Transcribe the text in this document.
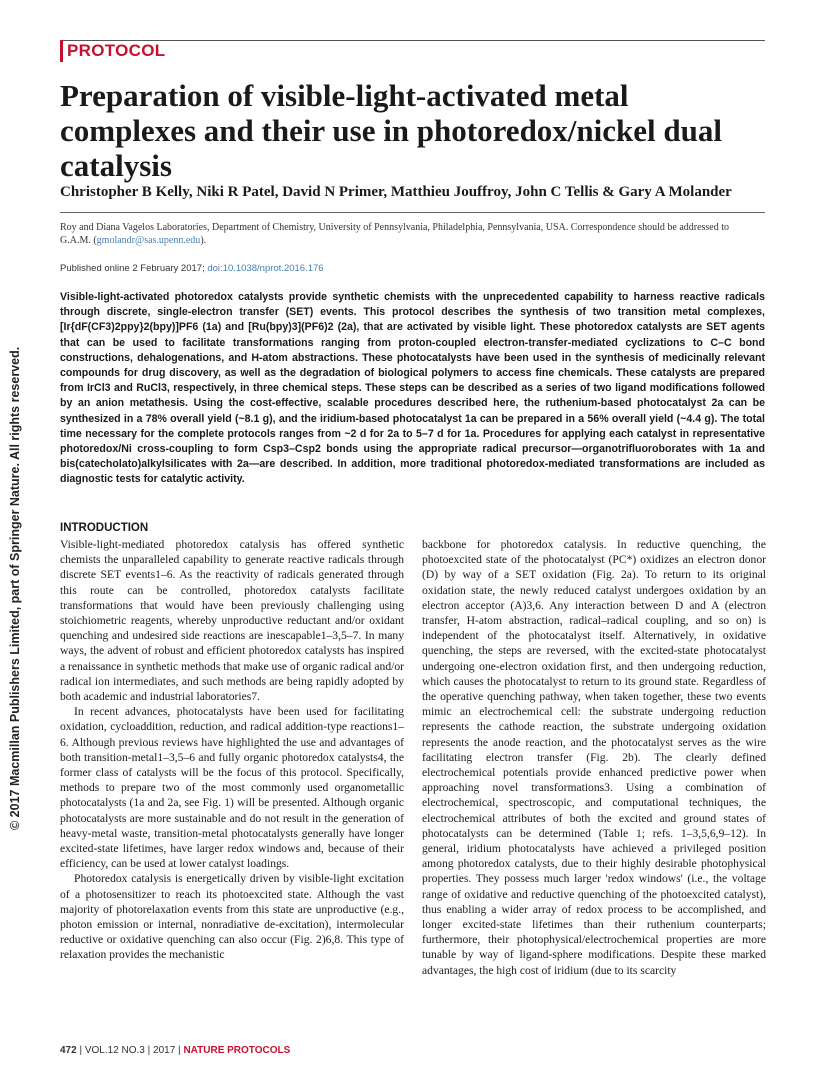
© 2017 Macmillan Publishers Limited, part of Springer Nature. All rights reserved.
PROTOCOL
Preparation of visible-light-activated metal complexes and their use in photoredox/nickel dual catalysis
Christopher B Kelly, Niki R Patel, David N Primer, Matthieu Jouffroy, John C Tellis & Gary A Molander
Roy and Diana Vagelos Laboratories, Department of Chemistry, University of Pennsylvania, Philadelphia, Pennsylvania, USA. Correspondence should be addressed to G.A.M. (gmolandr@sas.upenn.edu).
Published online 2 February 2017; doi:10.1038/nprot.2016.176
Visible-light-activated photoredox catalysts provide synthetic chemists with the unprecedented capability to harness reactive radicals through discrete, single-electron transfer (SET) events. This protocol describes the synthesis of two transition metal complexes, [Ir{dF(CF3)2ppy}2(bpy)]PF6 (1a) and [Ru(bpy)3](PF6)2 (2a), that are activated by visible light. These photoredox catalysts are SET agents that can be used to facilitate transformations ranging from proton-coupled electron-transfer-mediated cyclizations to C–C bond constructions, dehalogenations, and H-atom abstractions. These photocatalysts have been used in the synthesis of medicinally relevant compounds for drug discovery, as well as the degradation of biological polymers to access fine chemicals. These catalysts are prepared from IrCl3 and RuCl3, respectively, in three chemical steps. These steps can be described as a series of two ligand modifications followed by an anion metathesis. Using the cost-effective, scalable procedures described here, the ruthenium-based photocatalyst 2a can be synthesized in a 78% overall yield (~8.1 g), and the iridium-based photocatalyst 1a can be prepared in a 56% overall yield (~4.4 g). The total time necessary for the complete protocols ranges from ~2 d for 2a to 5–7 d for 1a. Procedures for applying each catalyst in representative photoredox/Ni cross-coupling to form Csp3–Csp2 bonds using the appropriate radical precursor—organotrifluoroborates with 1a and bis(catecholato)alkylsilicates with 2a—are described. In addition, more traditional photoredox-mediated transformations are included as diagnostic tests for catalytic activity.
INTRODUCTION

Visible-light-mediated photoredox catalysis has offered synthetic chemists the unparalleled capability to generate reactive radicals through discrete SET events1–6. As the reactivity of radicals generated through this route can be controlled, photoredox catalysts facilitate transformations that would have been previously challenging using stoichiometric reagents, whereby unproductive reductant and/or oxidant quenching and undesired side reactions are inescapable1–3,5–7. In many ways, the advent of robust and efficient photoredox catalysts has inspired a renaissance in synthetic methods that make use of organic radical and/or radical ion intermediates, and such methods are being rapidly adopted by both academic and industrial laboratories7.

In recent advances, photocatalysts have been used for facilitating oxidation, cycloaddition, reduction, and radical addition-type reactions1–6. Although previous reviews have highlighted the use and advantages of both transition-metal1–3,5–6 and fully organic photoredox catalysts4, the former class of catalysts will be the focus of this protocol. Specifically, methods to prepare two of the most commonly used organometallic photocatalysts (1a and 2a, see Fig. 1) will be presented. Although organic photocatalysts are more sustainable and do not result in the generation of heavy-metal waste, transition-metal photocatalysts generally have longer excited-state lifetimes, have larger redox windows and, because of their efficiency, can be used at lower catalyst loadings.

Photoredox catalysis is energetically driven by visible-light excitation of a photosensitizer to reach its photoexcited state. Although the vast majority of photorelaxation events from this state are unproductive (e.g., photon emission or internal, nonradiative de-excitation), intermolecular reductive or oxidative quenching can also occur (Fig. 2)6,8. This type of relaxation provides the mechanistic

backbone for photoredox catalysis. In reductive quenching, the photoexcited state of the photocatalyst (PC*) oxidizes an electron donor (D) by way of a SET oxidation (Fig. 2a). To return to its original oxidation state, the newly reduced catalyst undergoes oxidation by an electron acceptor (A)3,6. Any interaction between D and A (electron transfer, H-atom abstraction, radical–radical coupling, and so on) is independent of the photocatalyst itself. Alternatively, in oxidative quenching, the steps are reversed, with the excited-state photocatalyst undergoing one-electron oxidation first, and then undergoing reduction, which causes the photocatalyst to return to its ground state. Regardless of the operative quenching pathway, when taken together, these two events mimic an electrochemical cell: the substrate undergoing reduction represents the cathode reaction, the substrate undergoing oxidation represents the anode reaction, and the photocatalyst serves as the wire facilitating electron transfer (Fig. 2b). The clearly defined electrochemical potentials provide enhanced predictive power when approaching novel transformations3. Using a combination of electrochemical, spectroscopic, and computational techniques, the electrochemical attributes of both the excited and ground states of photocatalysts can be determined (Table 1; refs. 1–3,5,6,9–12). In general, iridium photocatalysts have achieved a privileged position among photoredox catalysts, due to their highly desirable photophysical properties. They possess much larger 'redox windows' (i.e., the voltage range of oxidative and reductive quenching of the photoexcited catalyst), thus enabling a wider array of redox process to be accomplished, and longer excited-state lifetimes than their ruthenium counterparts; furthermore, their photophysical/electrochemical properties are more tunable by way of ligand-sphere modifications. Despite these marked advantages, the high cost of iridium (due to its scarcity

472 | VOL.12 NO.3 | 2017 | NATURE PROTOCOLS
